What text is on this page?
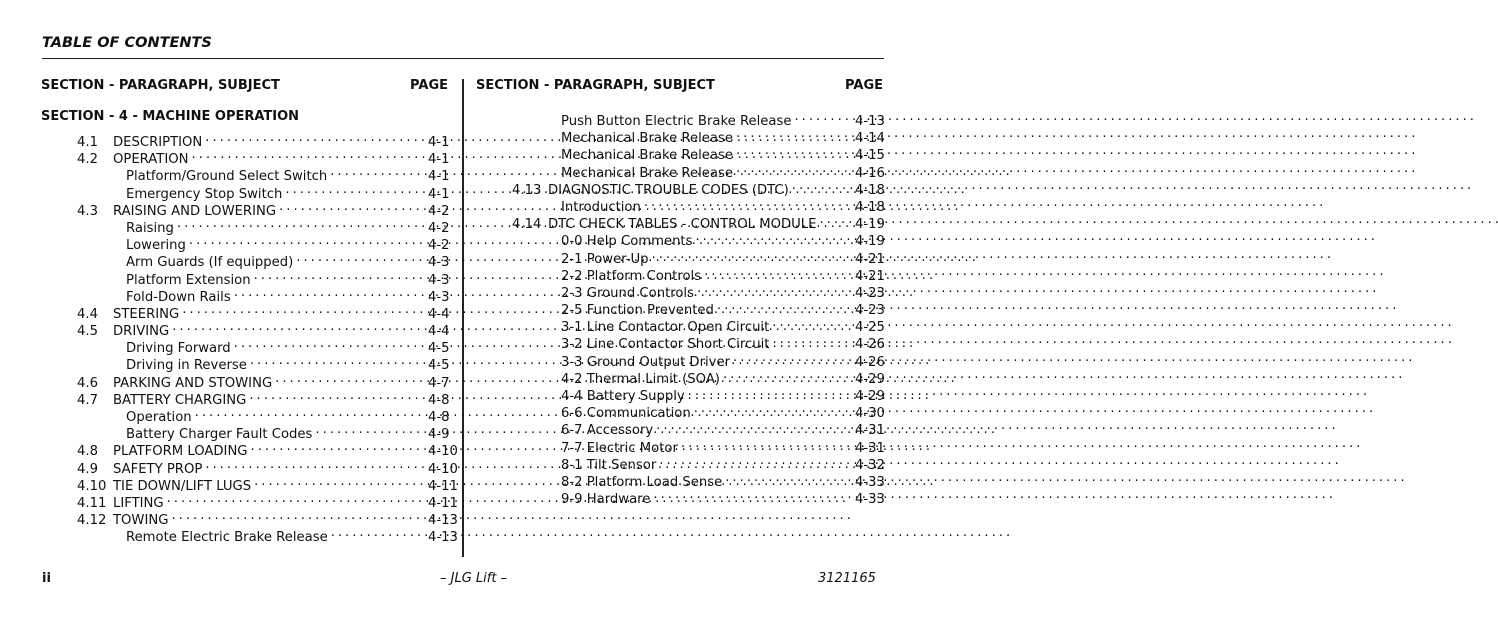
TABLE OF CONTENTS
SECTION - PARAGRAPH, SUBJECT	PAGE
SECTION - 4 - MACHINE OPERATION
4.1	DESCRIPTION . . .	4-1
4.2	OPERATION . . .	4-1
Platform/Ground Select Switch . . .	4-1
Emergency Stop Switch . . .	4-1
4.3	RAISING AND LOWERING . . .	4-2
Raising . . .	4-2
Lowering . . .	4-2
Arm Guards (If equipped) . . .	4-3
Platform Extension . . .	4-3
Fold-Down Rails . . .	4-3
4.4	STEERING . . .	4-4
4.5	DRIVING . . .	4-4
Driving Forward . . .	4-5
Driving in Reverse . . .	4-5
4.6	PARKING AND STOWING . . .	4-7
4.7	BATTERY CHARGING . . .	4-8
Operation . . .	4-8
Battery Charger Fault Codes . . .	4-9
4.8	PLATFORM LOADING . . .	4-10
4.9	SAFETY PROP . . .	4-10
4.10 TIE DOWN/LIFT LUGS . . .	4-11
4.11 LIFTING . . .	4-11
4.12 TOWING . . .	4-13
Remote Electric Brake Release . . .	4-13
SECTION - PARAGRAPH, SUBJECT	PAGE
Push Button Electric Brake Release . . .	4-13
Mechanical Brake Release . . .	4-14
Mechanical Brake Release . . .	4-15
Mechanical Brake Release . . .	4-16
4.13 DIAGNOSTIC TROUBLE CODES (DTC) . . .	4-18
Introduction . . .	4-18
4.14 DTC CHECK TABLES - CONTROL MODULE . . .	4-19
0-0 Help Comments . . .	4-19
2-1 Power-Up . . .	4-21
2-2 Platform Controls . . .	4-21
2-3 Ground Controls . . .	4-23
2-5 Function Prevented . . .	4-23
3-1 Line Contactor Open Circuit . . .	4-25
3-2 Line Contactor Short Circuit . . .	4-26
3-3 Ground Output Driver . . .	4-26
4-2 Thermal Limit (SOA) . . .	4-29
4-4 Battery Supply . . .	4-29
6-6 Communication . . .	4-30
6-7 Accessory . . .	4-31
7-7 Electric Motor . . .	4-31
8-1 Tilt Sensor . . .	4-32
8-2 Platform Load Sense . . .	4-33
9-9 Hardware . . .	4-33
ii	– JLG Lift –	3121165
